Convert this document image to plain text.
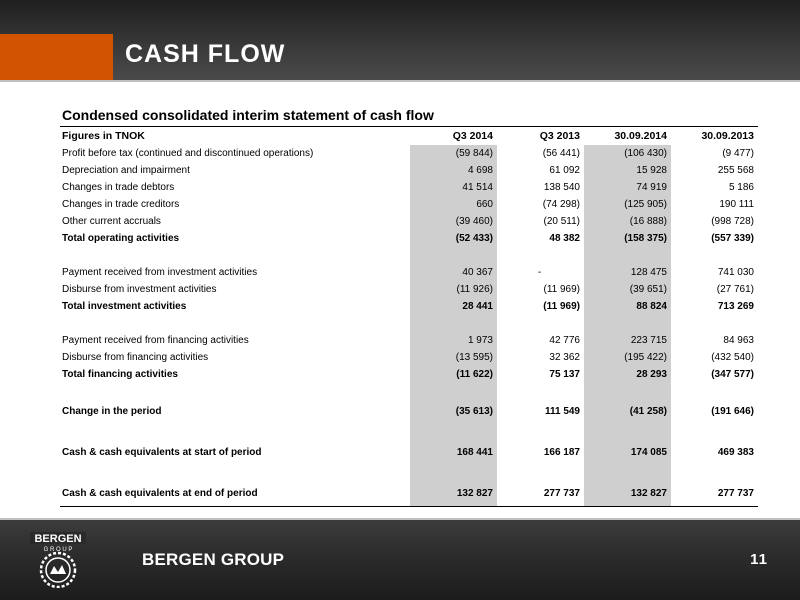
CASH FLOW
Condensed consolidated interim statement of cash flow
Figures in TNOK	Q3 2014	Q3 2013	30.09.2014	30.09.2013
Profit before tax (continued and discontinued operations)	(59 844)	(56 441)	(106 430)	(9 477)
Depreciation and impairment	4 698	61 092	15 928	255 568
Changes in trade debtors	41 514	138 540	74 919	5 186
Changes in trade creditors	660	(74 298)	(125 905)	190 111
Other current accruals	(39 460)	(20 511)	(16 888)	(998 728)
Total operating activities	(52 433)	48 382	(158 375)	(557 339)

Payment received from investment activities	40 367	-	128 475	741 030
Disburse from investment activities	(11 926)	(11 969)	(39 651)	(27 761)
Total investment activities	28 441	(11 969)	88 824	713 269

Payment received from financing activities	1 973	42 776	223 715	84 963
Disburse from financing activities	(13 595)	32 362	(195 422)	(432 540)
Total financing activities	(11 622)	75 137	28 293	(347 577)

Change in the period	(35 613)	111 549	(41 258)	(191 646)

Cash & cash equivalents at start of period	168 441	166 187	174 085	469 383

Cash & cash equivalents at end of period	132 827	277 737	132 827	277 737
BERGEN
G R O U P	BERGEN GROUP	11
